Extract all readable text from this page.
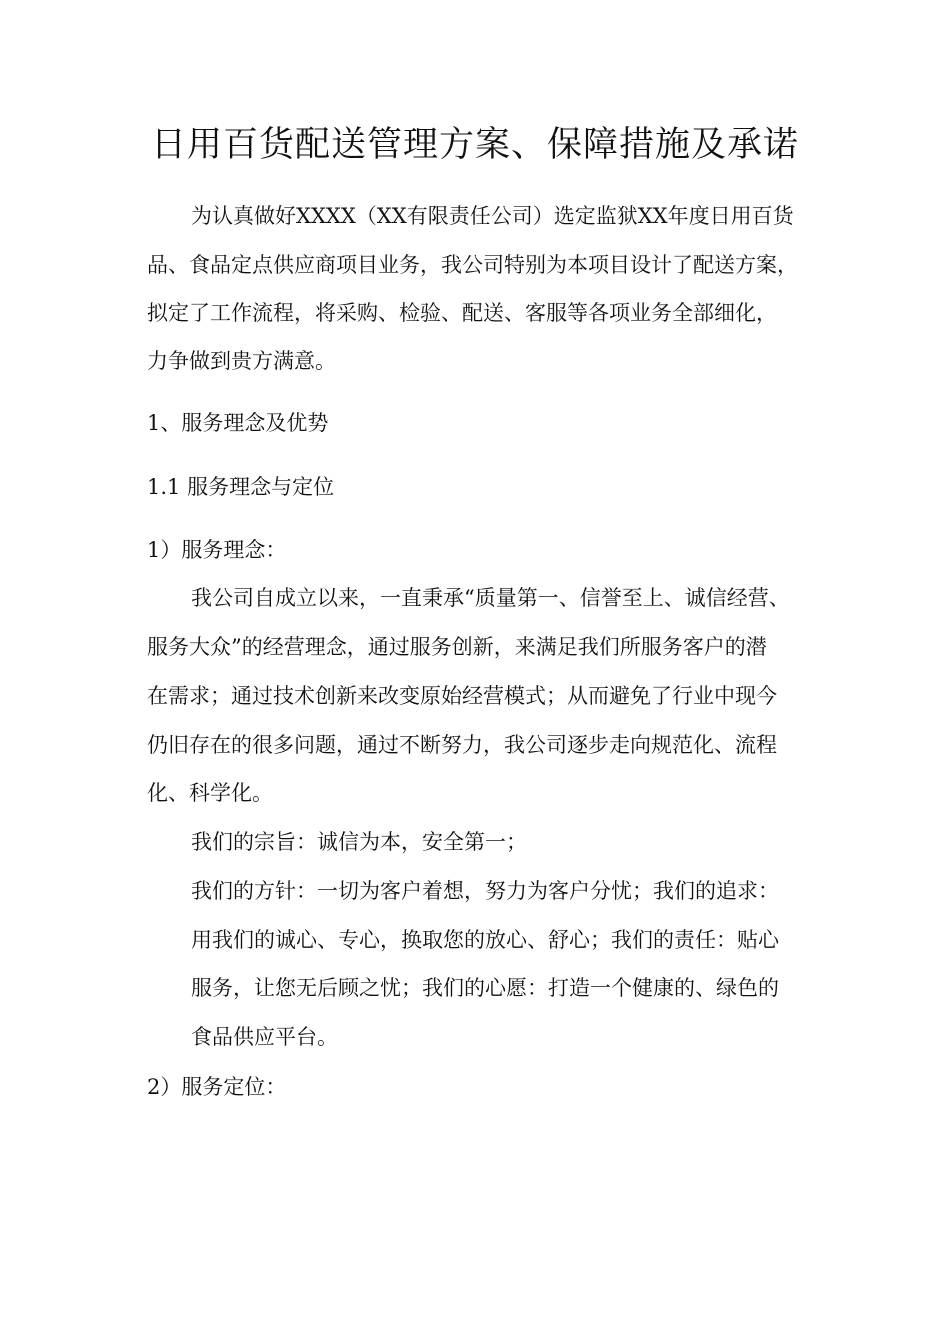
日用百货配送管理方案、保障措施及承诺
为认真做好XXXX（XX有限责任公司）选定监狱XX年度日用百货
品、食品定点供应商项目业务，我公司特别为本项目设计了配送方案，
拟定了工作流程，将采购、检验、配送、客服等各项业务全部细化，
力争做到贵方满意。
1、服务理念及优势
1.1 服务理念与定位
1）服务理念：
我公司自成立以来，一直秉承“质量第一、信誉至上、诚信经营、
服务大众”的经营理念，通过服务创新，来满足我们所服务客户的潜
在需求；通过技术创新来改变原始经营模式；从而避免了行业中现今
仍旧存在的很多问题，通过不断努力，我公司逐步走向规范化、流程
化、科学化。
我们的宗旨：诚信为本，安全第一；
我们的方针：一切为客户着想，努力为客户分忧；我们的追求：
用我们的诚心、专心，换取您的放心、舒心；我们的责任：贴心
服务，让您无后顾之忧；我们的心愿：打造一个健康的、绿色的
食品供应平台。
2）服务定位：
